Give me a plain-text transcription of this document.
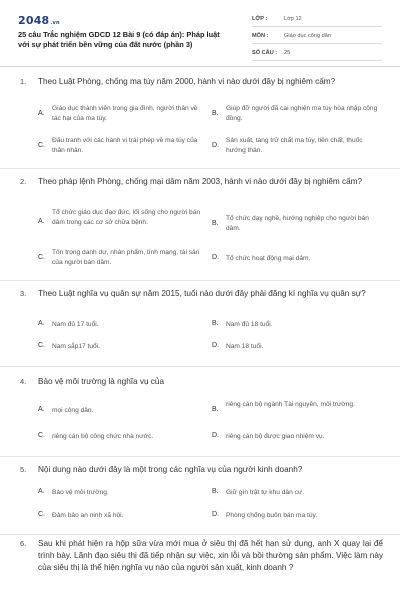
2048.vn
25 câu Trắc nghiệm GDCD 12 Bài 9 (có đáp án): Pháp luật với sự phát triển bền vững của đất nước (phần 3)
LỚP :	Lớp 12
MÔN :	Giáo dục công dân
SỐ CÂU : 25
1. Theo Luật Phòng, chống ma túy năm 2000, hành vi nào dưới đây bị nghiêm cấm?
A.
Giáo dục thành viên trong gia đình, người thân về tác hại của ma túy.
B.
Giúp đỡ người đã cai nghiện ma túy hòa nhập cộng đồng.
C.
Đấu tranh với các hành vi trái phép về ma túy của thân nhân.
D.
Sản xuất, tàng trữ chất ma túy, tiền chất, thuốc hướng thần.
2. Theo pháp lệnh Phòng, chống mại dâm năm 2003, hành vi nào dưới đây bị nghiêm cấm?
A.
Tổ chức giáo dục đạo đức, lối sống cho người bán dâm trong các cơ sở chữa bệnh.	B.
Tổ chức dạy nghề, hướng nghiệp cho người bán dâm.
C.
Tôn trọng danh dự, nhân phẩm, tính mạng, tài sản của người bán dâm.
D. Tổ chức hoạt động mại dâm.
3. Theo Luật nghĩa vụ quân sự năm 2015, tuổi nào dưới đây phải đăng kí nghĩa vụ quân sự?
A. Nam đủ 17 tuổi.	B. Nam đủ 18 tuổi.
C. Nam sắp17 tuổi.	D. Nam 18 tuổi.
4. Bảo vệ môi trường là nghĩa vụ của
A. mọi công dân.	B.
riêng cán bộ ngành Tài nguyên, môi trường.
C. riêng cán bộ công chức nhà nước.	D. riêng cán bộ được giao nhiệm vụ.
5. Nội dung nào dưới đây là một trong các nghĩa vụ của người kinh doanh?
A. Bảo vệ môi trường.	B. Giữ gìn trật tự khu dân cư.
C. Đảm bảo an ninh xã hội.	D. Phòng chống buôn bán ma túy.
6. Sau khi phát hiện ra hộp sữa vừa mới mua ở siêu thị đã hết hạn sử dụng, anh X quay lại để trình bày. Lãnh đạo siêu thị đã tiếp nhận sự việc, xin lỗi và bồi thường sản phẩm. Việc làm này của siêu thị là thể hiện nghĩa vụ nào của người sản xuất, kinh doanh ?
